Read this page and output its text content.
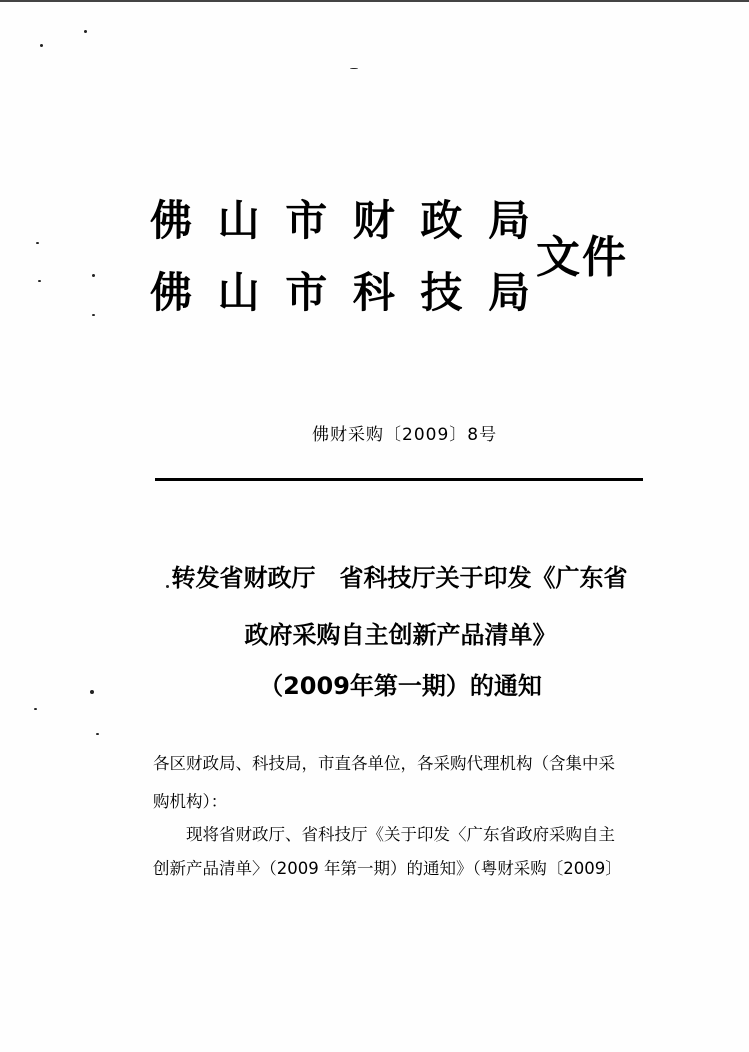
佛 山 市 财 政 局
佛 山 市 科 技 局
文件
佛财采购〔2009〕8号
转发省财政厅　省科技厅关于印发《广东省
政府采购自主创新产品清单》
（2009年第一期）的通知
各区财政局、科技局，市直各单位，各采购代理机构（含集中采
购机构）：
现将省财政厅、省科技厅《关于印发〈广东省政府采购自主
创新产品清单〉（2009 年第一期）的通知》（粤财采购〔2009〕
